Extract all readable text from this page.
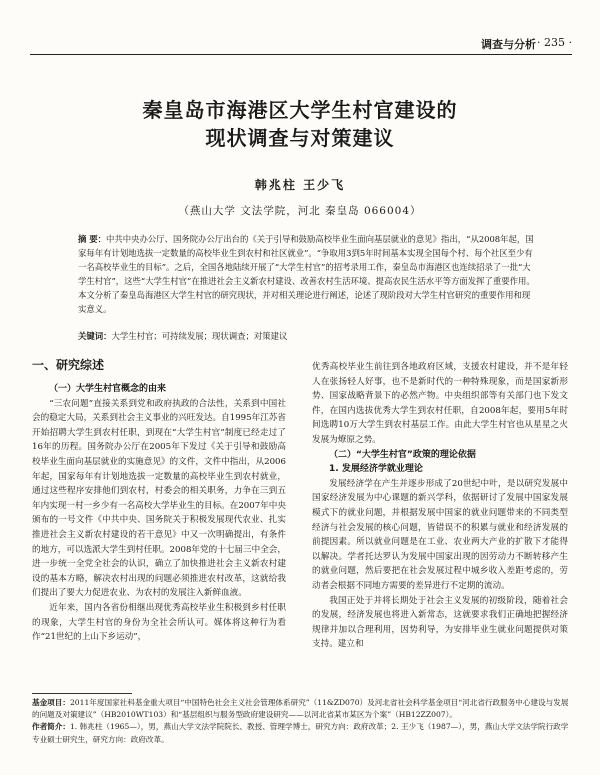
调查与分析 · 235 ·
秦皇岛市海港区大学生村官建设的
现状调查与对策建议
韩兆柱 王少飞
（燕山大学 文法学院，河北 秦皇岛 066004）
摘 要：中共中央办公厅、国务院办公厅出台的《关于引导和鼓励高校毕业生面向基层就业的意见》指出，“从2008年起，国家每年有计划地选拔一定数量的高校毕业生到农村和社区就业”。“争取用3到5年时间基本实现全国每个村、每个社区至少有一名高校毕业生的目标”。之后，全国各地陆续开展了“大学生村官”的招考录用工作，秦皇岛市海港区也连续招录了一批“大学生村官”，这些“大学生村官”在推进社会主义新农村建设、改善农村生活环境、提高农民生活水平等方面发挥了重要作用。本文分析了秦皇岛海港区大学生村官的研究现状，并对相关理论进行阐述，论述了现阶段对大学生村官研究的重要作用和现实意义。
关键词：大学生村官；可持续发展；现状调查；对策建议
一、研究综述
（一）大学生村官概念的由来

“三农问题”直接关系到党和政府执政的合法性，关系到中国社会的稳定大局，关系到社会主义事业的兴旺发达。自1995年江苏省开始招聘大学生到农村任职，到现在“大学生村官”制度已经走过了16年的历程。国务院办公厅在2005年下发过《关于引导和鼓励高校毕业生面向基层就业的实施意见》的文件，文件中指出，从2006年起，国家每年有计划地选拔一定数量的高校毕业生到农村就业，通过这些程序安排他们到农村，村委会的相关职务，力争在三到五年内实现一村一乡少有一名高校大学毕业生的目标。在2007年中央颁布的一号文件《中共中央、国务院关于积极发展现代农业、扎实推进社会主义新农村建设的若干意见》中又一次明确提出，有条件的地方，可以选派大学生到村任职。2008年党的十七届三中全会，进一步统一全党全社会的认识，确立了加快推进社会主义新农村建设的基本方略，解决农村出现的问题必须推进农村改革，这就给我们提出了要大力促进农业、为农村的发展注入新鲜血液。

近年来，国内各省份相继出现优秀高校毕业生积极到乡村任职的现象，大学生村官的身份为全社会所认可。媒体将这种行为看作“21世纪的上山下乡运动”，

优秀高校毕业生前往到各地政府区域，支援农村建设，并不是年轻人在张扬轻人好事，也不是新时代的一种特殊现象，而是国家新形势、国家战略背景下的必然产物。中央组织部等有关部门也下发文件，在国内选拔优秀大学生到农村任职，自2008年起，要用5年时间选聘10万大学生到农村基层工作。由此大学生村官也从星星之火发展为燎原之势。

（二）“大学生村官”政策的理论依据
1. 发展经济学就业理论

发展经济学在产生并逐步形成了20世纪中叶，是以研究发展中国家经济发展为中心课题的新兴学科，依据研讨了发展中国家发展模式下的就业问题，并根据发展中国家的就业问题带来的不同类型经济与社会发展的核心问题，皆错误不的积累与就业和经济发展的前提因素。所以就业问题是在工业、农业两大产业的扩散下才能得以解决。学者托达罗认为发展中国家出现的因劳动力不断转移产生的就业问题，然后要把在社会发展过程中城乡收入差距考虑的，劳动者会根据不同地方需要的差异进行不定期的流动。

我国正处于并将长期处于社会主义发展的初级阶段，随着社会的发展，经济发展也将进入新常态，这就要求我们正确地把握经济规律并加以合理利用，因势利导，为安排毕业生就业问题提供对策支持。建立和

基金项目：2011年度国家社科基金重大项目“中国特色社会主义社会管理体系研究”（11&ZD070）及河北省社会科学基金项目“河北省行政服务中心建设与发展的问题及对策建议”（HB2010WT103）和“基层组织与服务型政府建设研究——以河北省某市某区为个案”（HB12ZZ007）。
作者简介：1. 韩兆柱（1965—），男，燕山大学文法学院院长、教授、管理学博士，研究方向：政府改革；2. 王少飞（1987—），男，燕山大学文法学院行政学专业硕士研究生，研究方向：政府改革。
